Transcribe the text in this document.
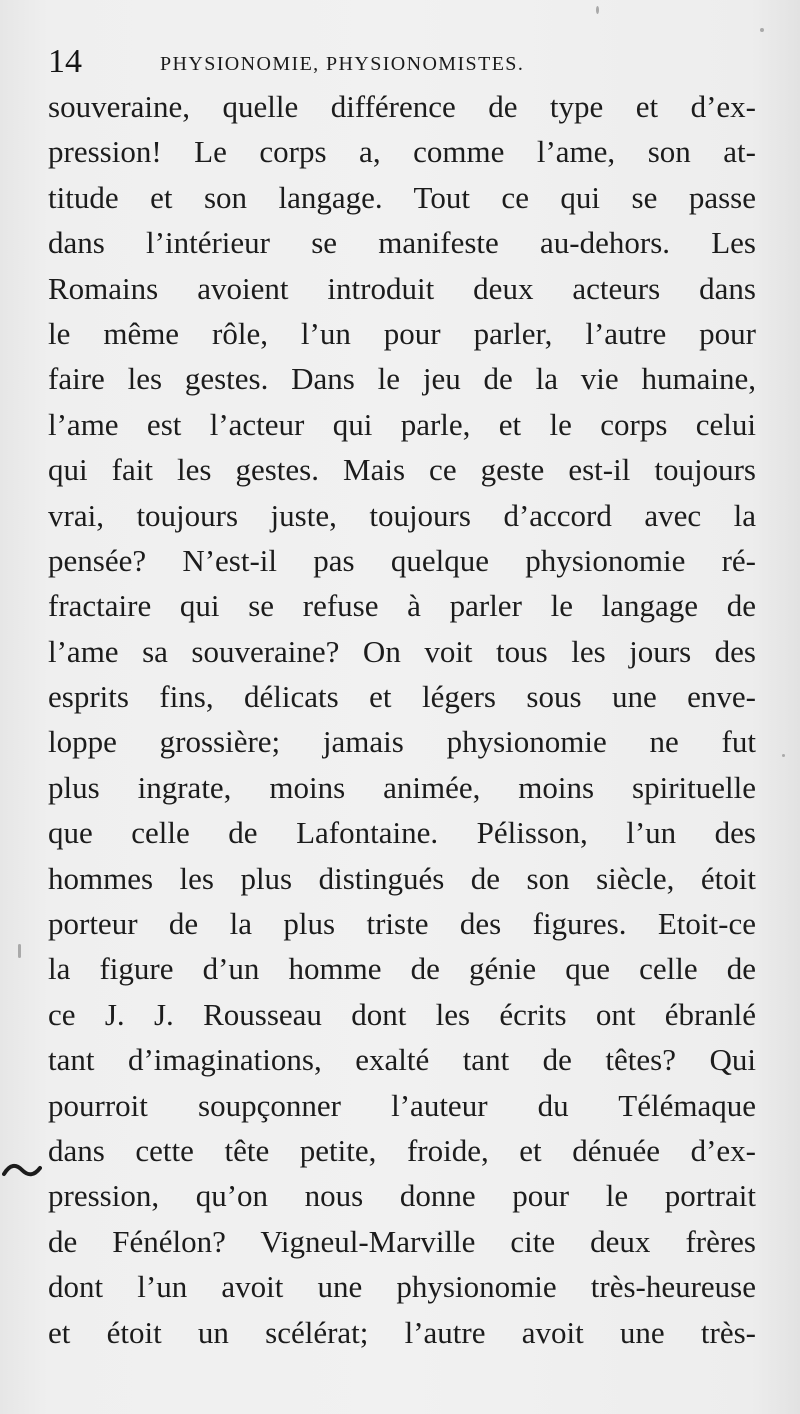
14	PHYSIONOMIE, PHYSIONOMISTES.
souveraine, quelle différence de type et d’ex-
pression! Le corps a, comme l’ame, son at-
titude et son langage. Tout ce qui se passe
dans l’intérieur se manifeste au-dehors. Les
Romains avoient introduit deux acteurs dans
le même rôle, l’un pour parler, l’autre pour
faire les gestes. Dans le jeu de la vie humaine,
l’ame est l’acteur qui parle, et le corps celui
qui fait les gestes. Mais ce geste est-il toujours
vrai, toujours juste, toujours d’accord avec la
pensée? N’est-il pas quelque physionomie ré-
fractaire qui se refuse à parler le langage de
l’ame sa souveraine? On voit tous les jours des
esprits fins, délicats et légers sous une enve-
loppe grossière; jamais physionomie ne fut
plus ingrate, moins animée, moins spirituelle
que celle de Lafontaine. Pélisson, l’un des
hommes les plus distingués de son siècle, étoit
porteur de la plus triste des figures. Etoit-ce
la figure d’un homme de génie que celle de
ce J. J. Rousseau dont les écrits ont ébranlé
tant d’imaginations, exalté tant de têtes? Qui
pourroit soupçonner l’auteur du Télémaque
dans cette tête petite, froide, et dénuée d’ex-
pression, qu’on nous donne pour le portrait
de Fénélon? Vigneul-Marville cite deux frères
dont l’un avoit une physionomie très-heureuse
et étoit un scélérat; l’autre avoit une très-
